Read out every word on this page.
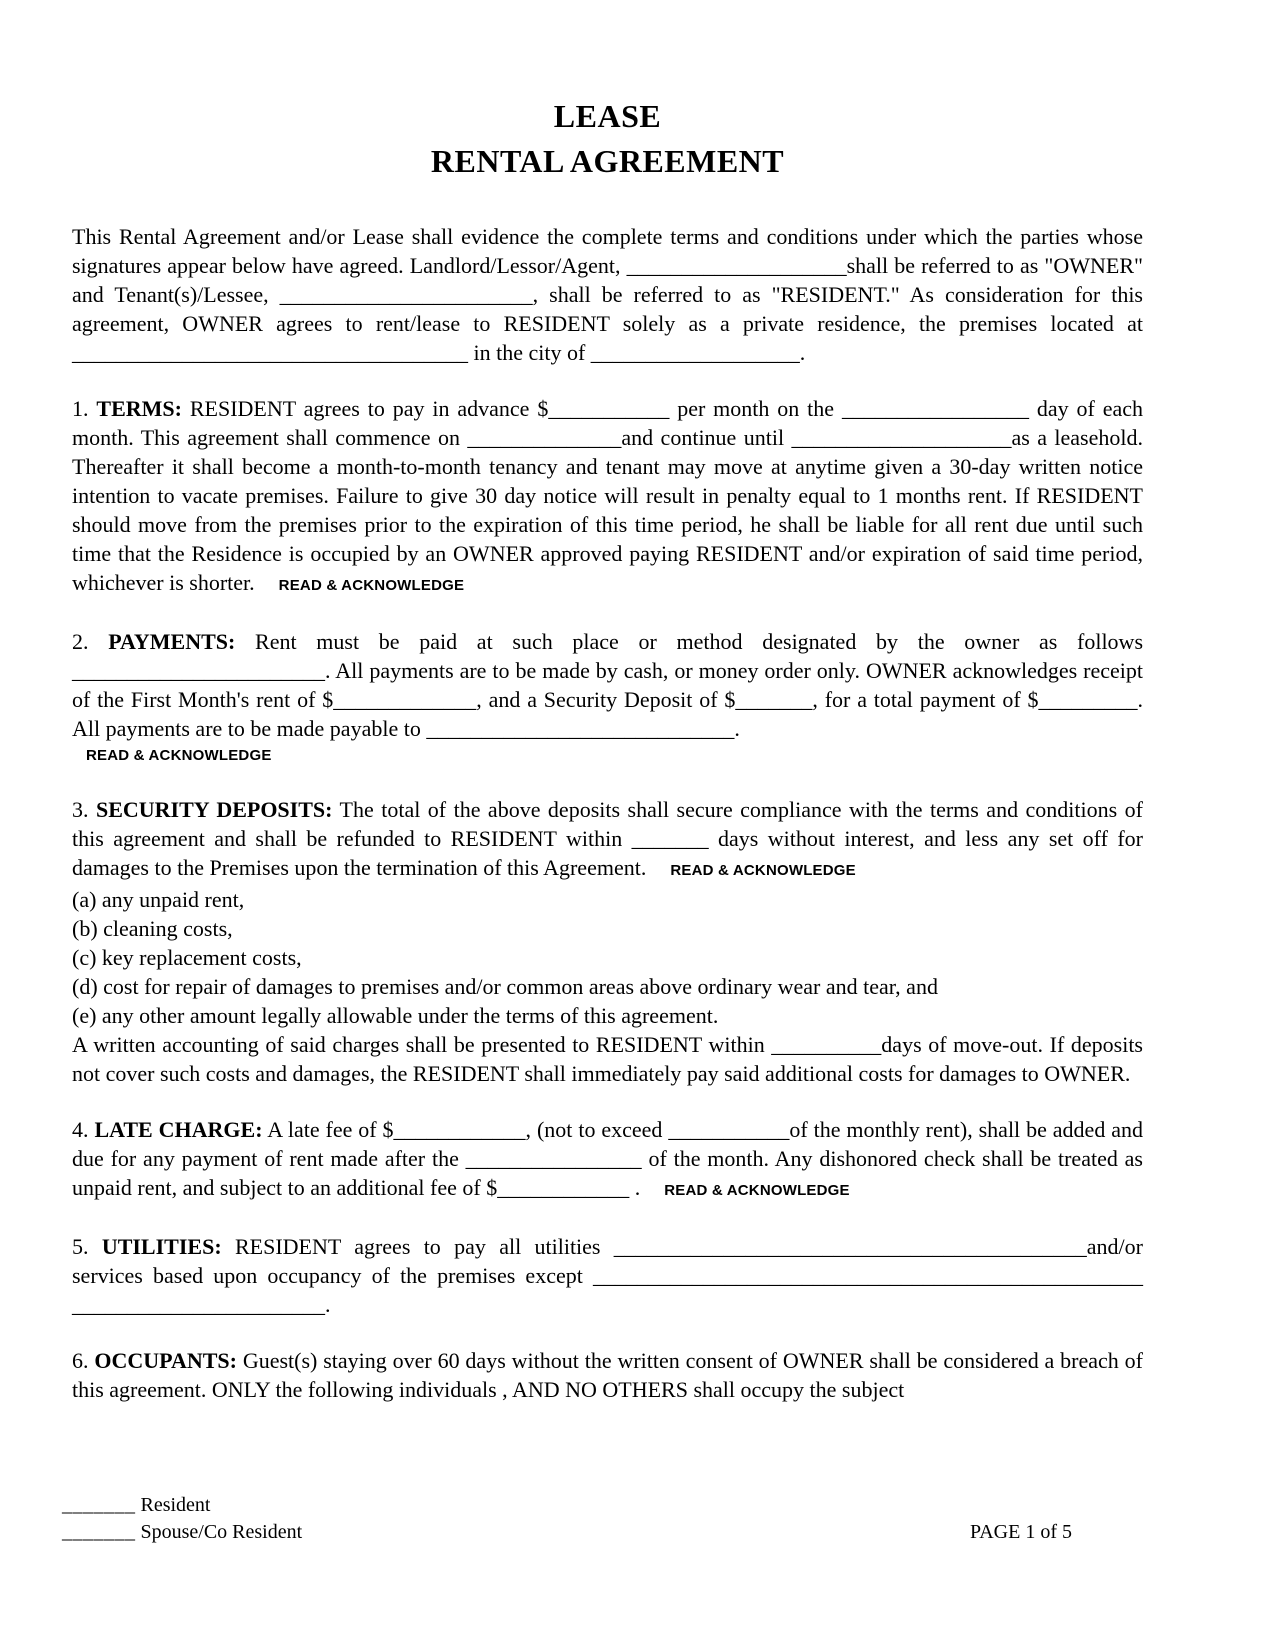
LEASE
RENTAL AGREEMENT

This Rental Agreement and/or Lease shall evidence the complete terms and conditions under which the parties whose signatures appear below have agreed. Landlord/Lessor/Agent, ____________________shall be referred to as "OWNER" and Tenant(s)/Lessee, _______________________, shall be referred to as "RESIDENT." As consideration for this agreement, OWNER agrees to rent/lease to RESIDENT solely as a private residence, the premises located at ____________________________________ in the city of ___________________.

1. TERMS: RESIDENT agrees to pay in advance $___________ per month on the _________________ day of each month. This agreement shall commence on ______________and continue until ____________________as a leasehold. Thereafter it shall become a month-to-month tenancy and tenant may move at anytime given a 30-day written notice intention to vacate premises. Failure to give 30 day notice will result in penalty equal to 1 months rent. If RESIDENT should move from the premises prior to the expiration of this time period, he shall be liable for all rent due until such time that the Residence is occupied by an OWNER approved paying RESIDENT and/or expiration of said time period, whichever is shorter. READ & ACKNOWLEDGE

2. PAYMENTS: Rent must be paid at such place or method designated by the owner as follows _______________________. All payments are to be made by cash, or money order only. OWNER acknowledges receipt of the First Month's rent of $_____________, and a Security Deposit of $_______, for a total payment of $_________. All payments are to be made payable to ____________________________.

READ & ACKNOWLEDGE

3. SECURITY DEPOSITS: The total of the above deposits shall secure compliance with the terms and conditions of this agreement and shall be refunded to RESIDENT within _______ days without interest, and less any set off for damages to the Premises upon the termination of this Agreement. READ & ACKNOWLEDGE

(a) any unpaid rent,
(b) cleaning costs,
(c) key replacement costs,
(d) cost for repair of damages to premises and/or common areas above ordinary wear and tear, and
(e) any other amount legally allowable under the terms of this agreement.

A written accounting of said charges shall be presented to RESIDENT within __________days of move-out. If deposits not cover such costs and damages, the RESIDENT shall immediately pay said additional costs for damages to OWNER.

4. LATE CHARGE: A late fee of $____________, (not to exceed ___________of the monthly rent), shall be added and due for any payment of rent made after the ________________ of the month. Any dishonored check shall be treated as unpaid rent, and subject to an additional fee of $____________ . READ & ACKNOWLEDGE

5. UTILITIES: RESIDENT agrees to pay all utilities ___________________________________________and/or services based upon occupancy of the premises except __________________________________________________ _______________________.

6. OCCUPANTS: Guest(s) staying over 60 days without the written consent of OWNER shall be considered a breach of this agreement. ONLY the following individuals , AND NO OTHERS shall occupy the subject

_______ Resident
_______ Spouse/Co Resident	PAGE 1 of 5
